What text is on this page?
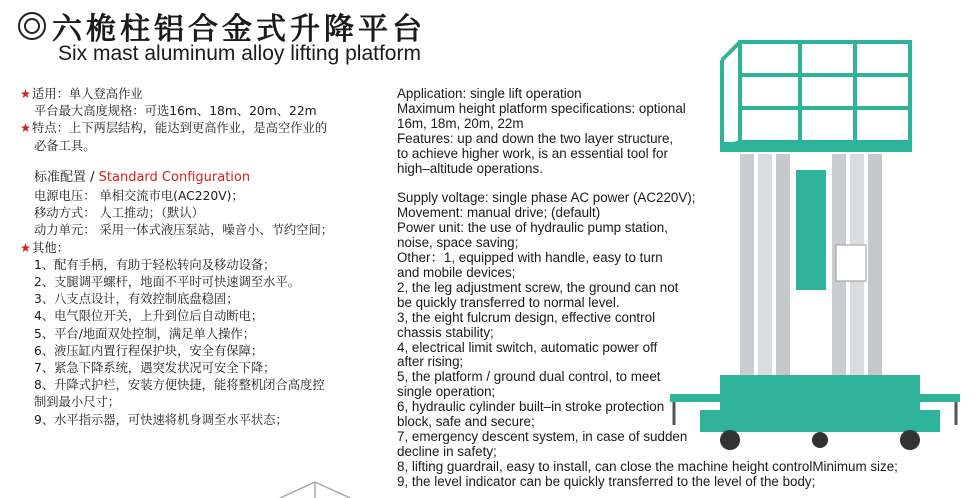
六桅柱铝合金式升降平台
Six mast aluminum alloy lifting platform
★适用：单人登高作业
平台最大高度规格：可选16m、18m、20m、22m
★特点：上下两层结构，能达到更高作业，是高空作业的
必备工具。
标准配置 / Standard Configuration
电源电压： 单相交流市电(AC220V)；
移动方式： 人工推动；（默认）
动力单元： 采用一体式液压泵站，噪音小、节约空间；
★其他：
1、配有手柄，有助于轻松转向及移动设备；
2、支腿调平螺杆，地面不平时可快速调至水平。
3、八支点设计，有效控制底盘稳固；
4、电气限位开关，上升到位后自动断电；
5、平台/地面双处控制，满足单人操作；
6、液压缸内置行程保护块，安全有保障；
7、紧急下降系统，遇突发状况可安全下降；
8、升降式护栏，安装方便快捷，能将整机闭合高度控
制到最小尺寸；
9、水平指示器，可快速将机身调至水平状态；
Application: single lift operation
Maximum height platform specifications: optional
16m, 18m, 20m, 22m
Features: up and down the two layer structure,
to achieve higher work, is an essential tool for
high–altitude operations.
Supply voltage: single phase AC power (AC220V);
Movement: manual drive; (default)
Power unit: the use of hydraulic pump station,
noise, space saving;
Other：1, equipped with handle, easy to turn
and mobile devices;
2, the leg adjustment screw, the ground can not
be quickly transferred to normal level.
3, the eight fulcrum design, effective control
chassis stability;
4, electrical limit switch, automatic power off
after rising;
5, the platform / ground dual control, to meet
single operation;
6, hydraulic cylinder built–in stroke protection
block, safe and secure;
7, emergency descent system, in case of sudden
decline in safety;
8, lifting guardrail, easy to install, can close the machine height controlMinimum size;
9, the level indicator can be quickly transferred to the level of the body;
